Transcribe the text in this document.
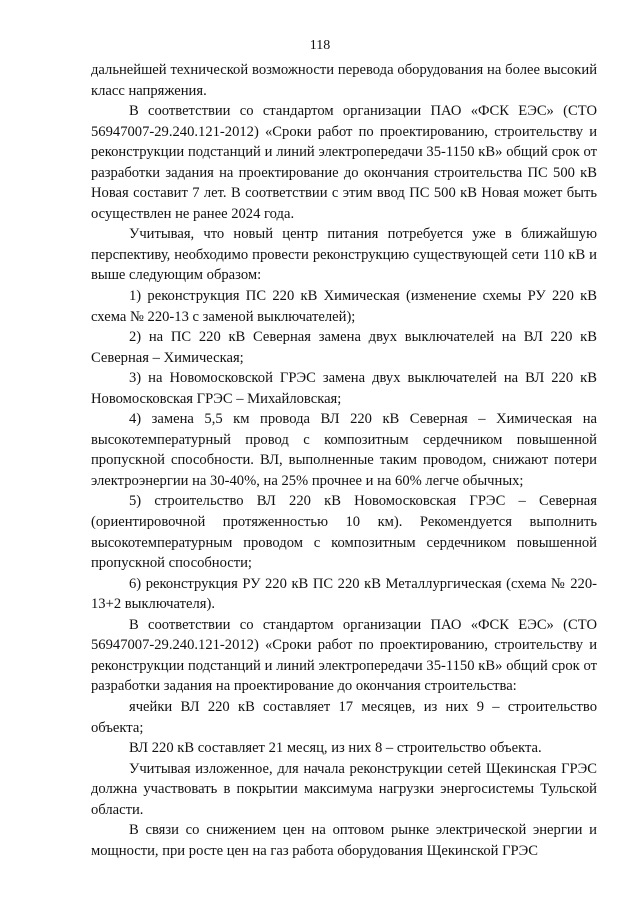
118

дальнейшей технической возможности перевода оборудования на более высокий класс напряжения.

В соответствии со стандартом организации ПАО «ФСК ЕЭС» (СТО 56947007-29.240.121-2012) «Сроки работ по проектированию, строительству и реконструкции подстанций и линий электропередачи 35-1150 кВ» общий срок от разработки задания на проектирование до окончания строительства ПС 500 кВ Новая составит 7 лет. В соответствии с этим ввод ПС 500 кВ Новая может быть осуществлен не ранее 2024 года.

Учитывая, что новый центр питания потребуется уже в ближайшую перспективу, необходимо провести реконструкцию существующей сети 110 кВ и выше следующим образом:

1) реконструкция ПС 220 кВ Химическая (изменение схемы РУ 220 кВ схема № 220-13 с заменой выключателей);

2) на ПС 220 кВ Северная замена двух выключателей на ВЛ 220 кВ Северная – Химическая;

3) на Новомосковской ГРЭС замена двух выключателей на ВЛ 220 кВ Новомосковская ГРЭС – Михайловская;

4) замена 5,5 км провода ВЛ 220 кВ Северная – Химическая на высокотемпературный провод с композитным сердечником повышенной пропускной способности. ВЛ, выполненные таким проводом, снижают потери электроэнергии на 30-40%, на 25% прочнее и на 60% легче обычных;

5) строительство ВЛ 220 кВ Новомосковская ГРЭС – Северная (ориентировочной протяженностью 10 км). Рекомендуется выполнить высокотемпературным проводом с композитным сердечником повышенной пропускной способности;

6) реконструкция РУ 220 кВ ПС 220 кВ Металлургическая (схема № 220-13+2 выключателя).

В соответствии со стандартом организации ПАО «ФСК ЕЭС» (СТО 56947007-29.240.121-2012) «Сроки работ по проектированию, строительству и реконструкции подстанций и линий электропередачи 35-1150 кВ» общий срок от разработки задания на проектирование до окончания строительства:

ячейки ВЛ 220 кВ составляет 17 месяцев, из них 9 – строительство объекта;

ВЛ 220 кВ составляет 21 месяц, из них 8 – строительство объекта.

Учитывая изложенное, для начала реконструкции сетей Щекинская ГРЭС должна участвовать в покрытии максимума нагрузки энергосистемы Тульской области.

В связи со снижением цен на оптовом рынке электрической энергии и мощности, при росте цен на газ работа оборудования Щекинской ГРЭС
